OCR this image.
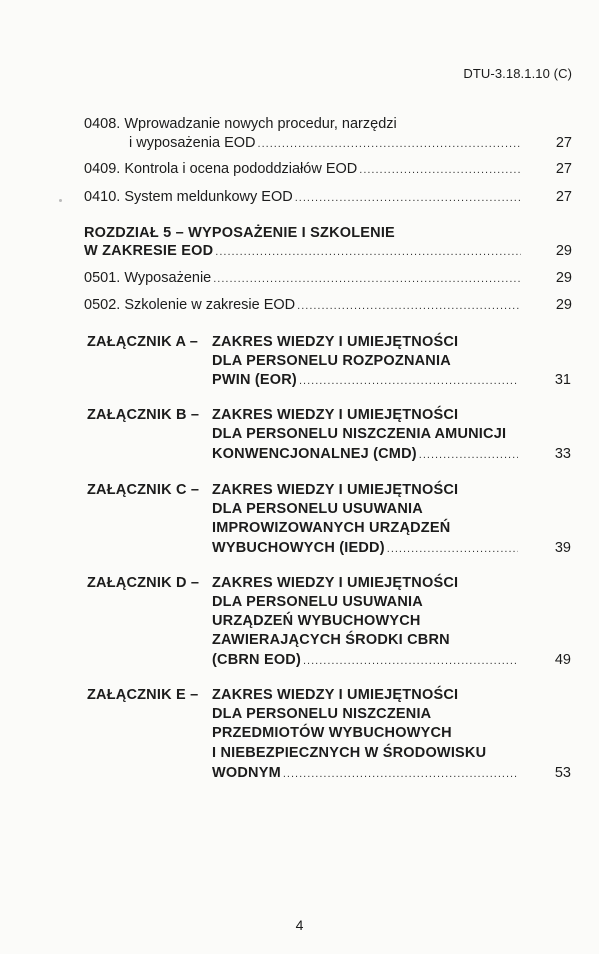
DTU-3.18.1.10 (C)
0408. Wprowadzanie nowych procedur, narzędzi
i wyposażenia EOD .....	27
0409. Kontrola i ocena pododdziałów EOD .....	27
0410. System meldunkowy EOD .....	27
ROZDZIAŁ 5 – WYPOSAŻENIE I SZKOLENIE
W ZAKRESIE EOD .....	29
0501. Wyposażenie .....	29
0502. Szkolenie w zakresie EOD .....	29
ZAŁĄCZNIK A – ZAKRES WIEDZY I UMIEJĘTNOŚCI
DLA PERSONELU ROZPOZNANIA
PWIN (EOR) .....	31
ZAŁĄCZNIK B – ZAKRES WIEDZY I UMIEJĘTNOŚCI
DLA PERSONELU NISZCZENIA AMUNICJI
KONWENCJONALNEJ (CMD) .....	33
ZAŁĄCZNIK C – ZAKRES WIEDZY I UMIEJĘTNOŚCI
DLA PERSONELU USUWANIA
IMPROWIZOWANYCH URZĄDZEŃ
WYBUCHOWYCH (IEDD) .....	39
ZAŁĄCZNIK D – ZAKRES WIEDZY I UMIEJĘTNOŚCI
DLA PERSONELU USUWANIA
URZĄDZEŃ WYBUCHOWYCH
ZAWIERAJĄCYCH ŚRODKI CBRN
(CBRN EOD) .....	49
ZAŁĄCZNIK E – ZAKRES WIEDZY I UMIEJĘTNOŚCI
DLA PERSONELU NISZCZENIA
PRZEDMIOTÓW WYBUCHOWYCH
I NIEBEZPIECZNYCH W ŚRODOWISKU
WODNYM .....	53
4
